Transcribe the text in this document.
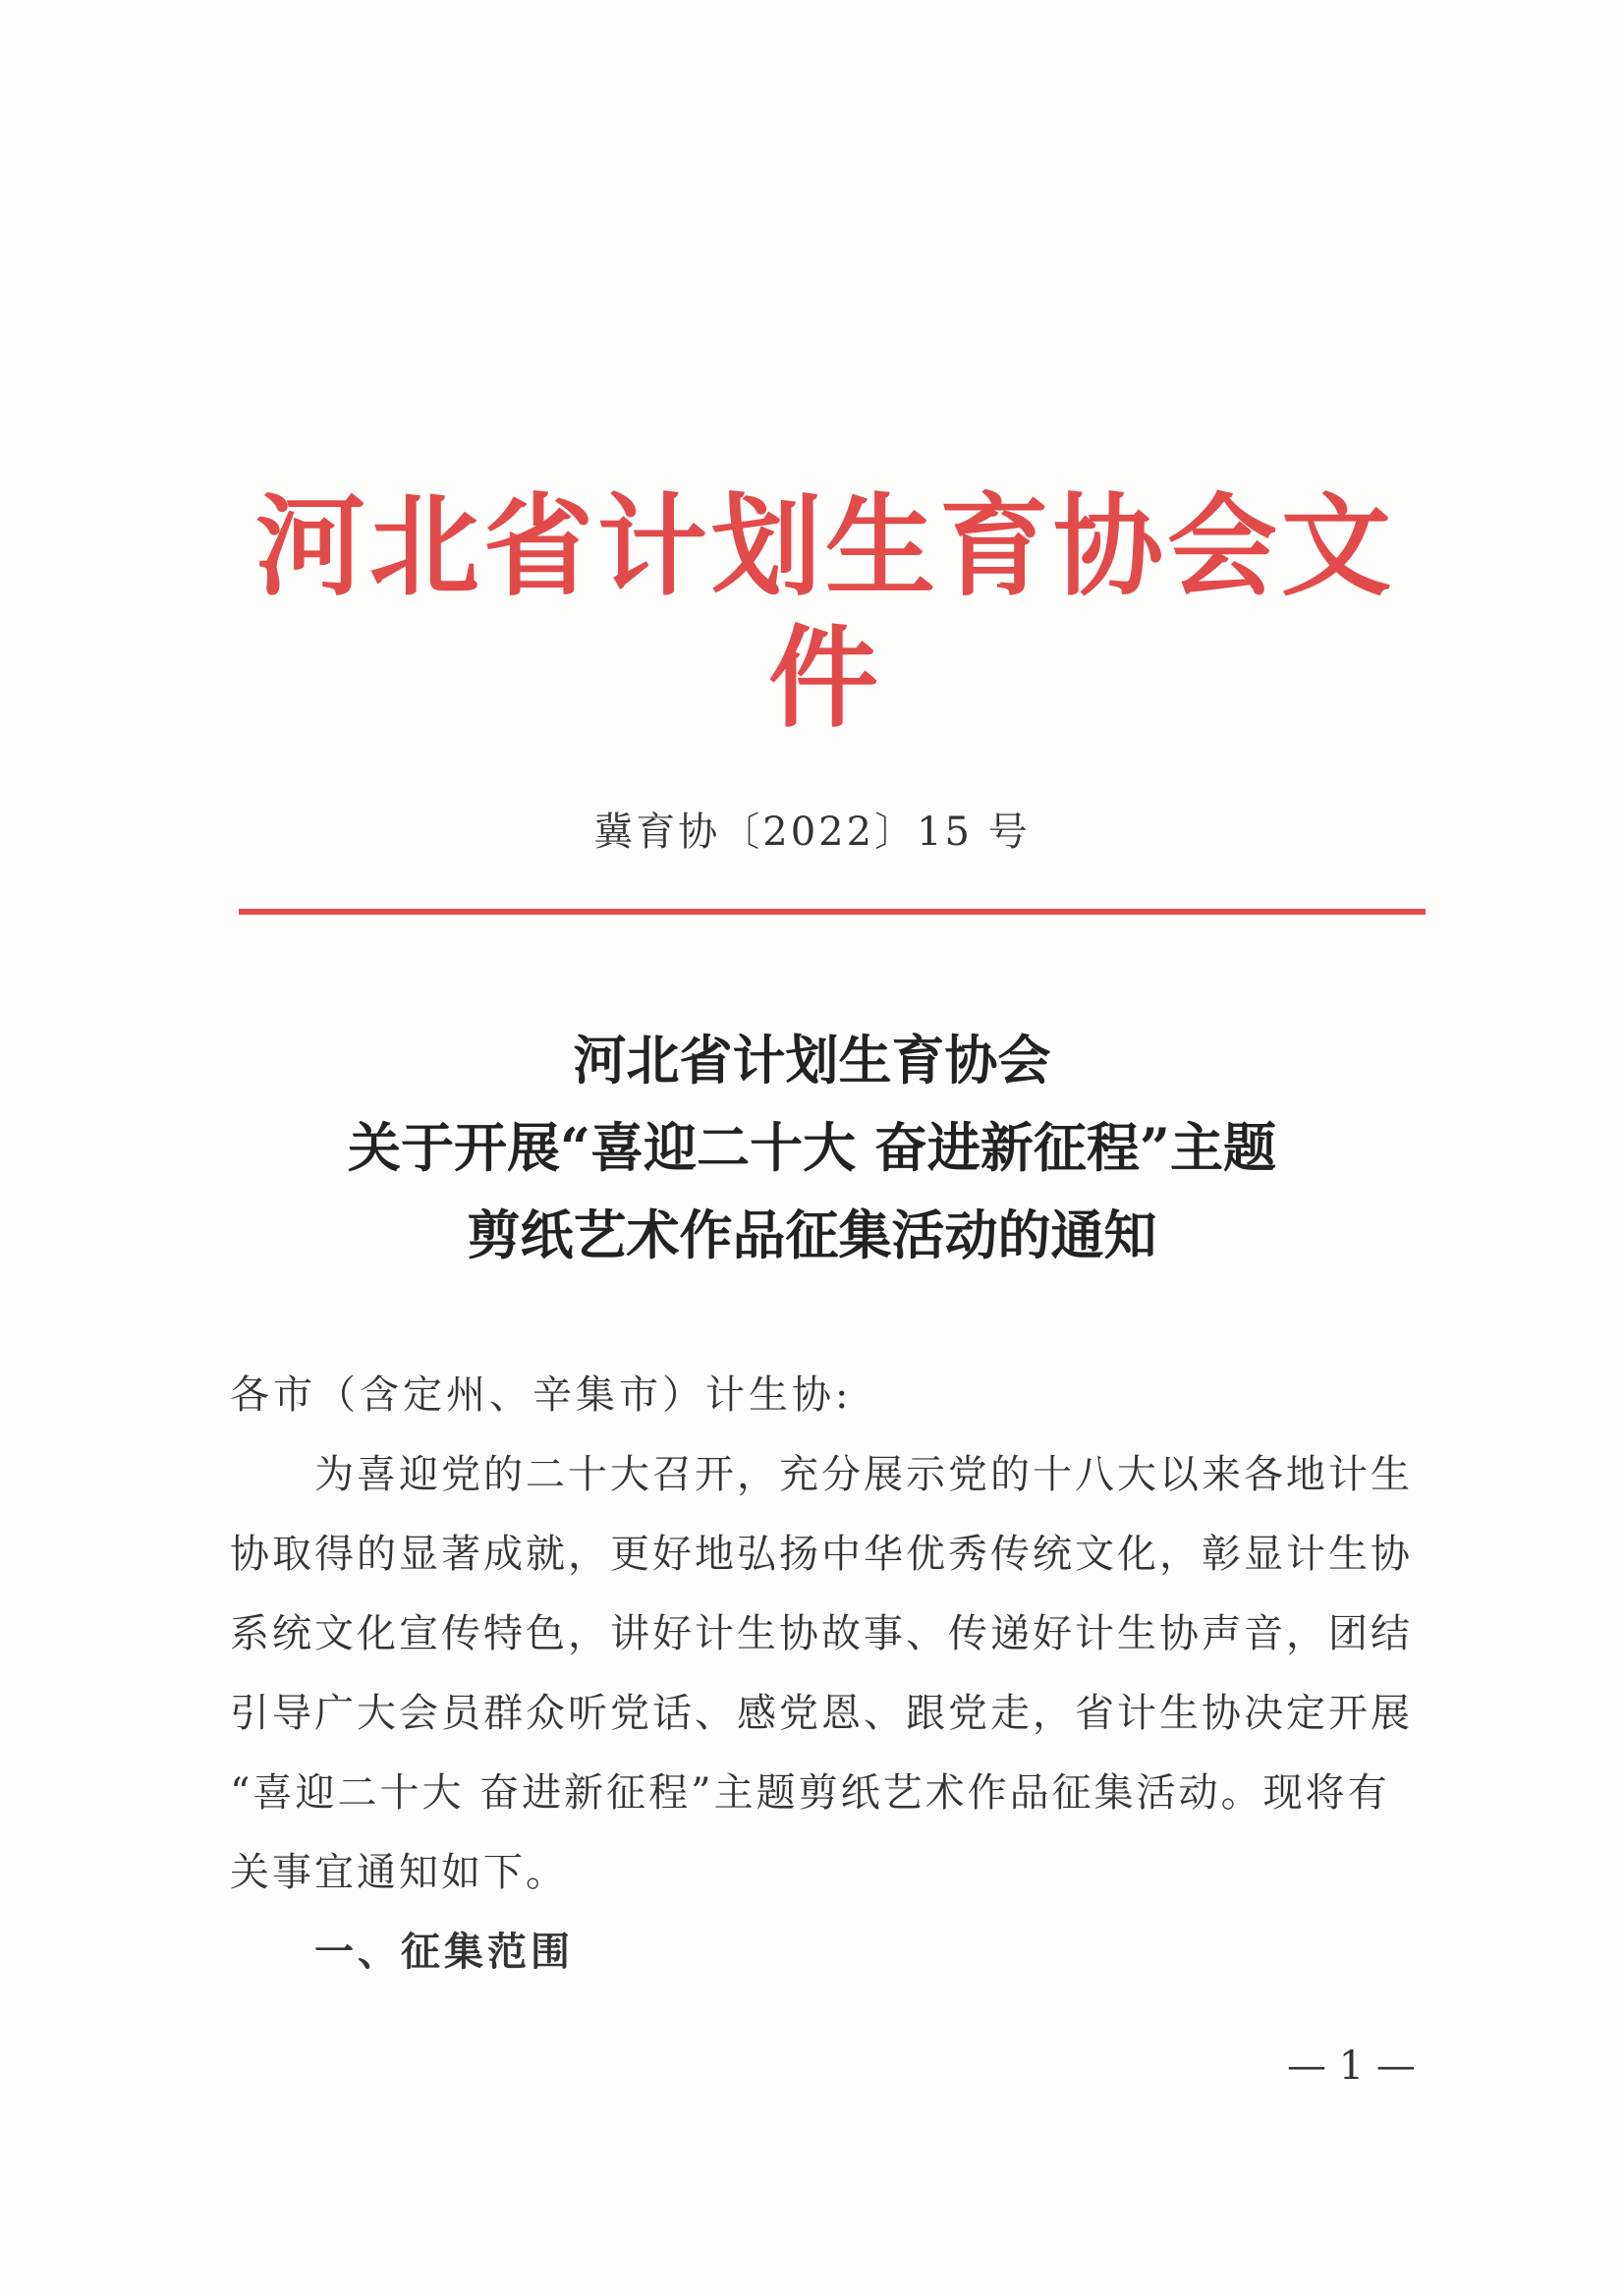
河北省计划生育协会文件
冀育协〔2022〕15 号
河北省计划生育协会
关于开展“喜迎二十大 奋进新征程”主题
剪纸艺术作品征集活动的通知
各市（含定州、辛集市）计生协:
为喜迎党的二十大召开，充分展示党的十八大以来各地计生
协取得的显著成就，更好地弘扬中华优秀传统文化，彰显计生协
系统文化宣传特色，讲好计生协故事、传递好计生协声音，团结
引导广大会员群众听党话、感党恩、跟党走，省计生协决定开展
“喜迎二十大 奋进新征程”主题剪纸艺术作品征集活动。现将有
关事宜通知如下。
一、征集范围
— 1 —
